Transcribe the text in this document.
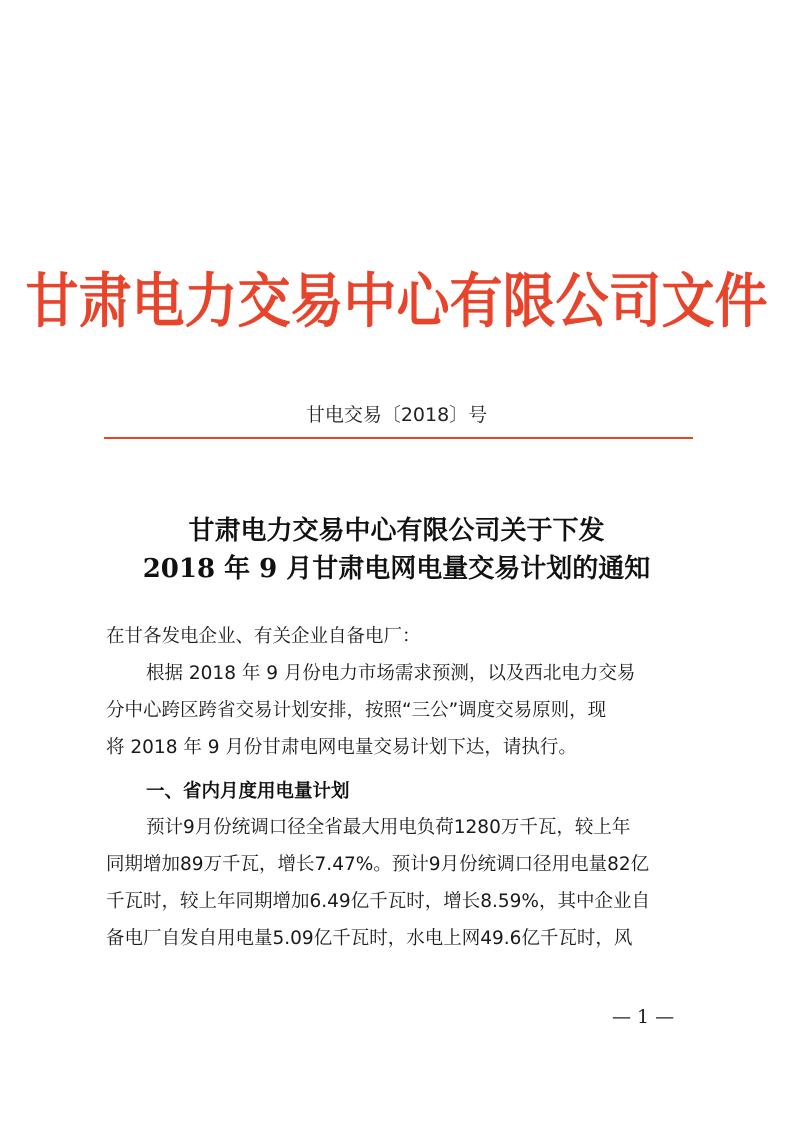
甘肃电力交易中心有限公司文件
甘电交易〔2018〕号
甘肃电力交易中心有限公司关于下发
2018 年 9 月甘肃电网电量交易计划的通知
在甘各发电企业、有关企业自备电厂：
根据 2018 年 9 月份电力市场需求预测，以及西北电力交易
分中心跨区跨省交易计划安排，按照“三公”调度交易原则，现
将 2018 年 9 月份甘肃电网电量交易计划下达，请执行。
一、省内月度用电量计划
预计9月份统调口径全省最大用电负荷1280万千瓦，较上年
同期增加89万千瓦，增长7.47%。预计9月份统调口径用电量82亿
千瓦时，较上年同期增加6.49亿千瓦时，增长8.59%，其中企业自
备电厂自发自用电量5.09亿千瓦时，水电上网49.6亿千瓦时，风
— 1 —
